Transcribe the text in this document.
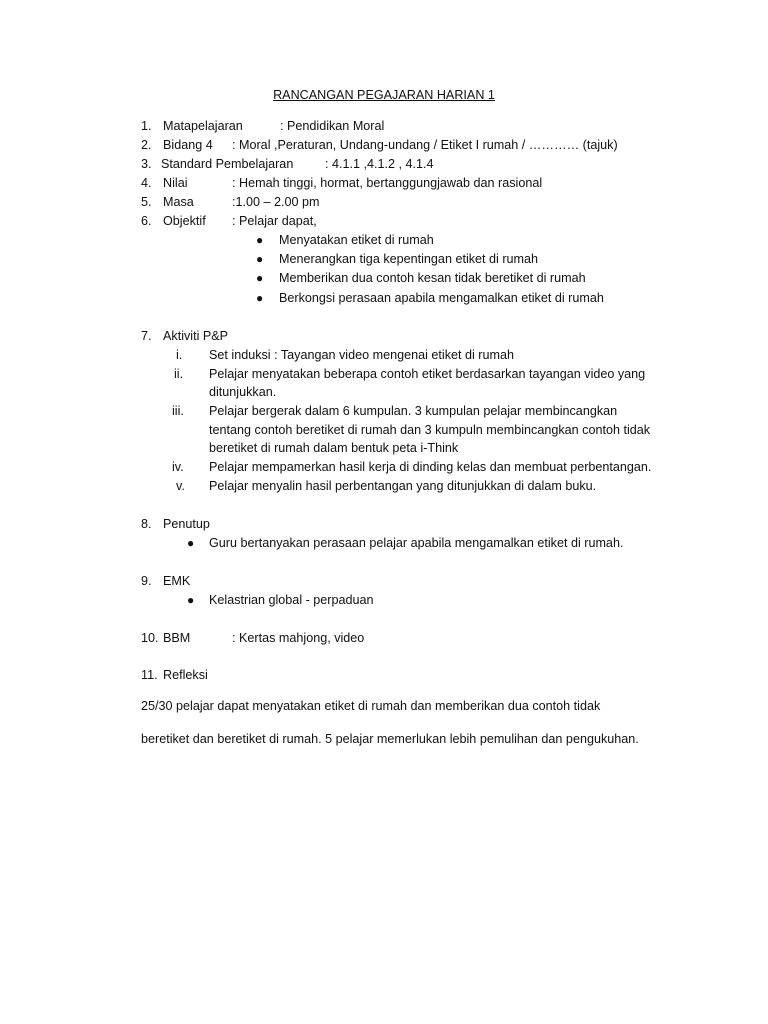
RANCANGAN PEGAJARAN HARIAN 1
1. Matapelajaran	: Pendidikan Moral
2. Bidang 4 : Moral ,Peraturan, Undang-undang / Etiket I rumah / ………… (tajuk)
3. Standard Pembelajaran	: 4.1.1 ,4.1.2 , 4.1.4
4. Nilai	: Hemah tinggi, hormat, bertanggungjawab dan rasional
5. Masa	:1.00 – 2.00 pm
6. Objektif : Pelajar dapat,
● Menyatakan etiket di rumah
● Menerangkan tiga kepentingan etiket di rumah
● Memberikan dua contoh kesan tidak beretiket di rumah
● Berkongsi perasaan apabila mengamalkan etiket di rumah
7. Aktiviti P&P
i. Set induksi : Tayangan video mengenai etiket di rumah
ii. Pelajar menyatakan beberapa contoh etiket berdasarkan tayangan video yang
ditunjukkan.
iii. Pelajar bergerak dalam 6 kumpulan. 3 kumpulan pelajar membincangkan
tentang contoh beretiket di rumah dan 3 kumpuln membincangkan contoh tidak
beretiket di rumah dalam bentuk peta i-Think
iv. Pelajar mempamerkan hasil kerja di dinding kelas dan membuat perbentangan.
v. Pelajar menyalin hasil perbentangan yang ditunjukkan di dalam buku.
8. Penutup
● Guru bertanyakan perasaan pelajar apabila mengamalkan etiket di rumah.
9. EMK
● Kelastrian global - perpaduan
10. BBM	: Kertas mahjong, video
11. Refleksi
25/30 pelajar dapat menyatakan etiket di rumah dan memberikan dua contoh tidak
beretiket dan beretiket di rumah. 5 pelajar memerlukan lebih pemulihan dan pengukuhan.
